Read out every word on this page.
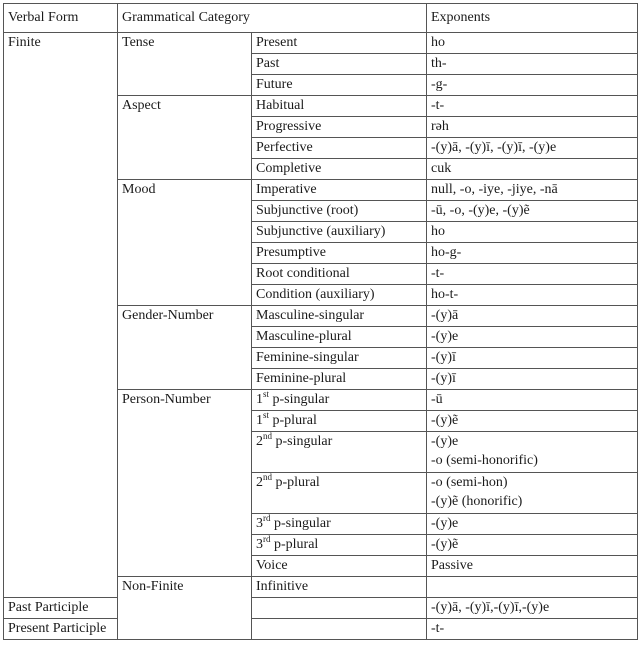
Verbal Form	Grammatical Category		Exponents	
Finite	Tense	Present	ho	
		Past	th-	
		Future	-g-	
	Aspect	Habitual	-t-	
		Progressive	rəh	
		Perfective	-(y)ā, -(y)ī, -(y)ī, -(y)e	
		Completive	cuk	
	Mood	Imperative	null, -o, -iye, -jiye, -nā	
		Subjunctive (root)	-ū, -o, -(y)e, -(y)ẽ	
		Subjunctive (auxiliary)	ho	
		Presumptive	ho-g-	
		Root conditional	-t-	
		Condition (auxiliary)	ho-t-	
	Gender-Number	Masculine-singular	-(y)ā	
		Masculine-plural	-(y)e	
		Feminine-singular	-(y)ī	
		Feminine-plural	-(y)ī	
	Person-Number	1st p-singular	-ū	
		1st p-plural	-(y)ẽ	
		2nd p-singular	-(y)e
-o (semi-honorific)	

		2nd p-plural	-o (semi-hon)
-(y)ẽ (honorific)	

		3rd p-singular	-(y)e	
		3rd p-plural	-(y)ẽ	
		Voice	Passive	
	Non-Finite	Infinitive		
Past Participle			-(y)ā, -(y)ī,-(y)ī,-(y)e	
Present Participle			-t-	
